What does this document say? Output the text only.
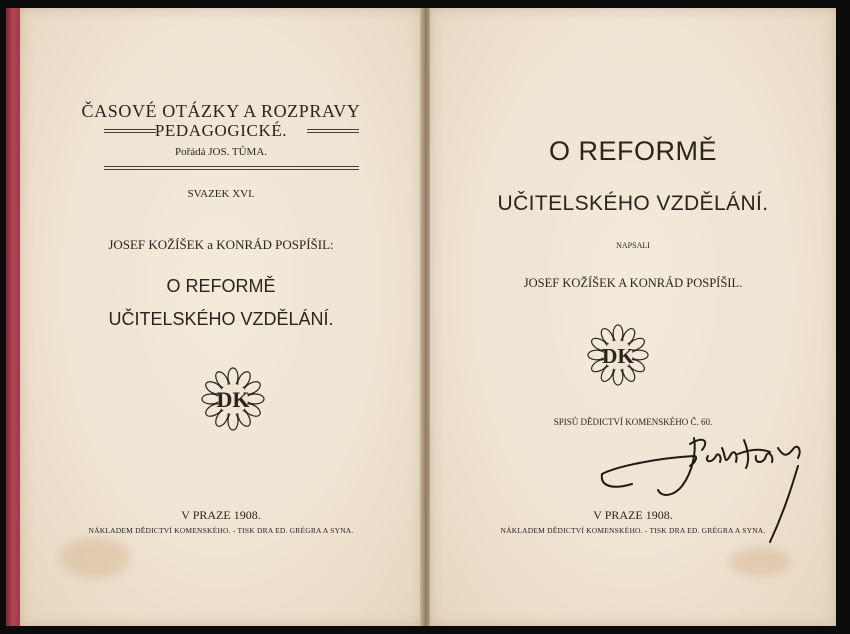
ČASOVÉ OTÁZKY A ROZPRAVY
PEDAGOGICKÉ.
Pořádá JOS. TŮMA.
SVAZEK XVI.
JOSEF KOŽÍŠEK a KONRÁD POSPÍŠIL:
O REFORMĚ
UČITELSKÉHO VZDĚLÁNÍ.
DK
V PRAZE 1908.
NÁKLADEM DĚDICTVÍ KOMENSKÉHO. - TISK DRA ED. GRÉGRA A SYNA.
O REFORMĚ
UČITELSKÉHO VZDĚLÁNÍ.
NAPSALI
JOSEF KOŽÍŠEK A KONRÁD POSPÍŠIL.
DK
SPISŮ DĚDICTVÍ KOMENSKÉHO Č. 60.
V PRAZE 1908.
NÁKLADEM DĚDICTVÍ KOMENSKÉHO. - TISK DRA ED. GRÉGRA A SYNA.
